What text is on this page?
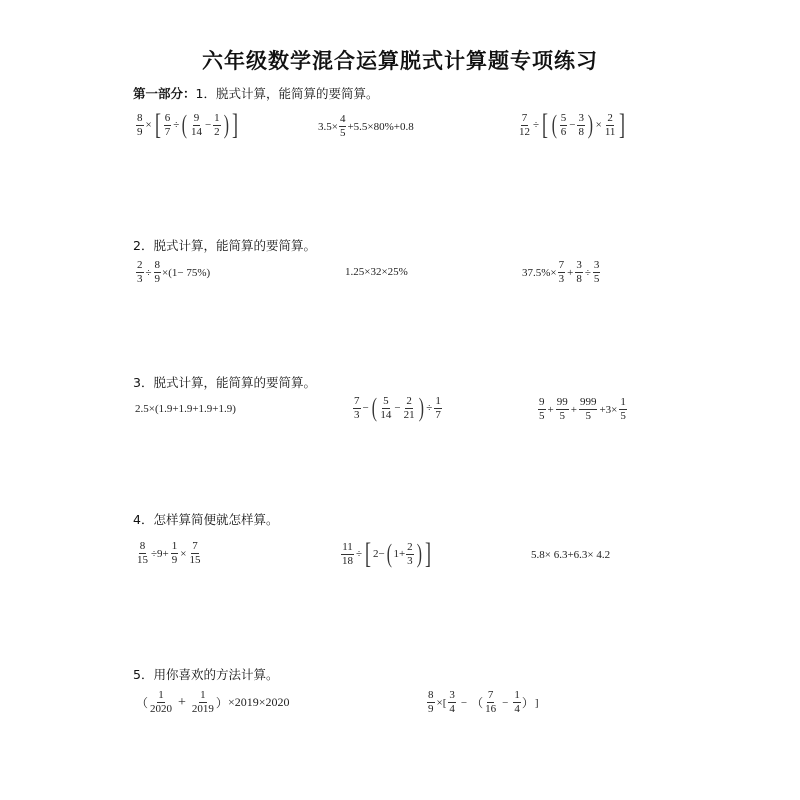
六年级数学混合运算脱式计算题专项练习
第一部分：1．脱式计算，能简算的要简算。
$\frac{8}{9}$ × [ $\frac{6}{7}$ ÷ ( $\frac{9}{14} - \frac{1}{2}$ ) ]	$3.5\times \frac{4}{5} +5.5\times 80\%+0.8$	$\frac{7}{12}$ ÷ [ ( $\frac{5}{6} - \frac{3}{8}$ ) × $\frac{2}{11}$ ]
2．脱式计算，能简算的要简算。
$\frac{2}{3} \div \frac{8}{9} \times(1- 75\%)$	1.25×32×25%	$37.5\%\times \frac{7}{3} + \frac{3}{8} \div \frac{3}{5}$
3．脱式计算，能简算的要简算。
2.5×(1.9+1.9+1.9+1.9)	$\frac{7}{3}$ − ( $\frac{5}{14} - \frac{2}{21}$ ) ÷ $\frac{1}{7}$	$\frac{9}{5} + \frac{99}{5} + \frac{999}{5} +3\times \frac{1}{5}$
4．怎样算简便就怎样算。
$\frac{8}{15} \div 9+ \frac{1}{9} \times \frac{7}{15}$	$\frac{11}{18}$ ÷ [ 2− ( $1+ \frac{2}{3}$ ) ]	5.8× 6.3+6.3× 4.2
5．用你喜欢的方法计算。
（ $\frac{1}{2020} + \frac{1}{2019}$ ） ×2019×2020	$\frac{8}{9}$ ×[ $\frac{3}{4}$ − （ $\frac{7}{16} - \frac{1}{4}$ ） ]
